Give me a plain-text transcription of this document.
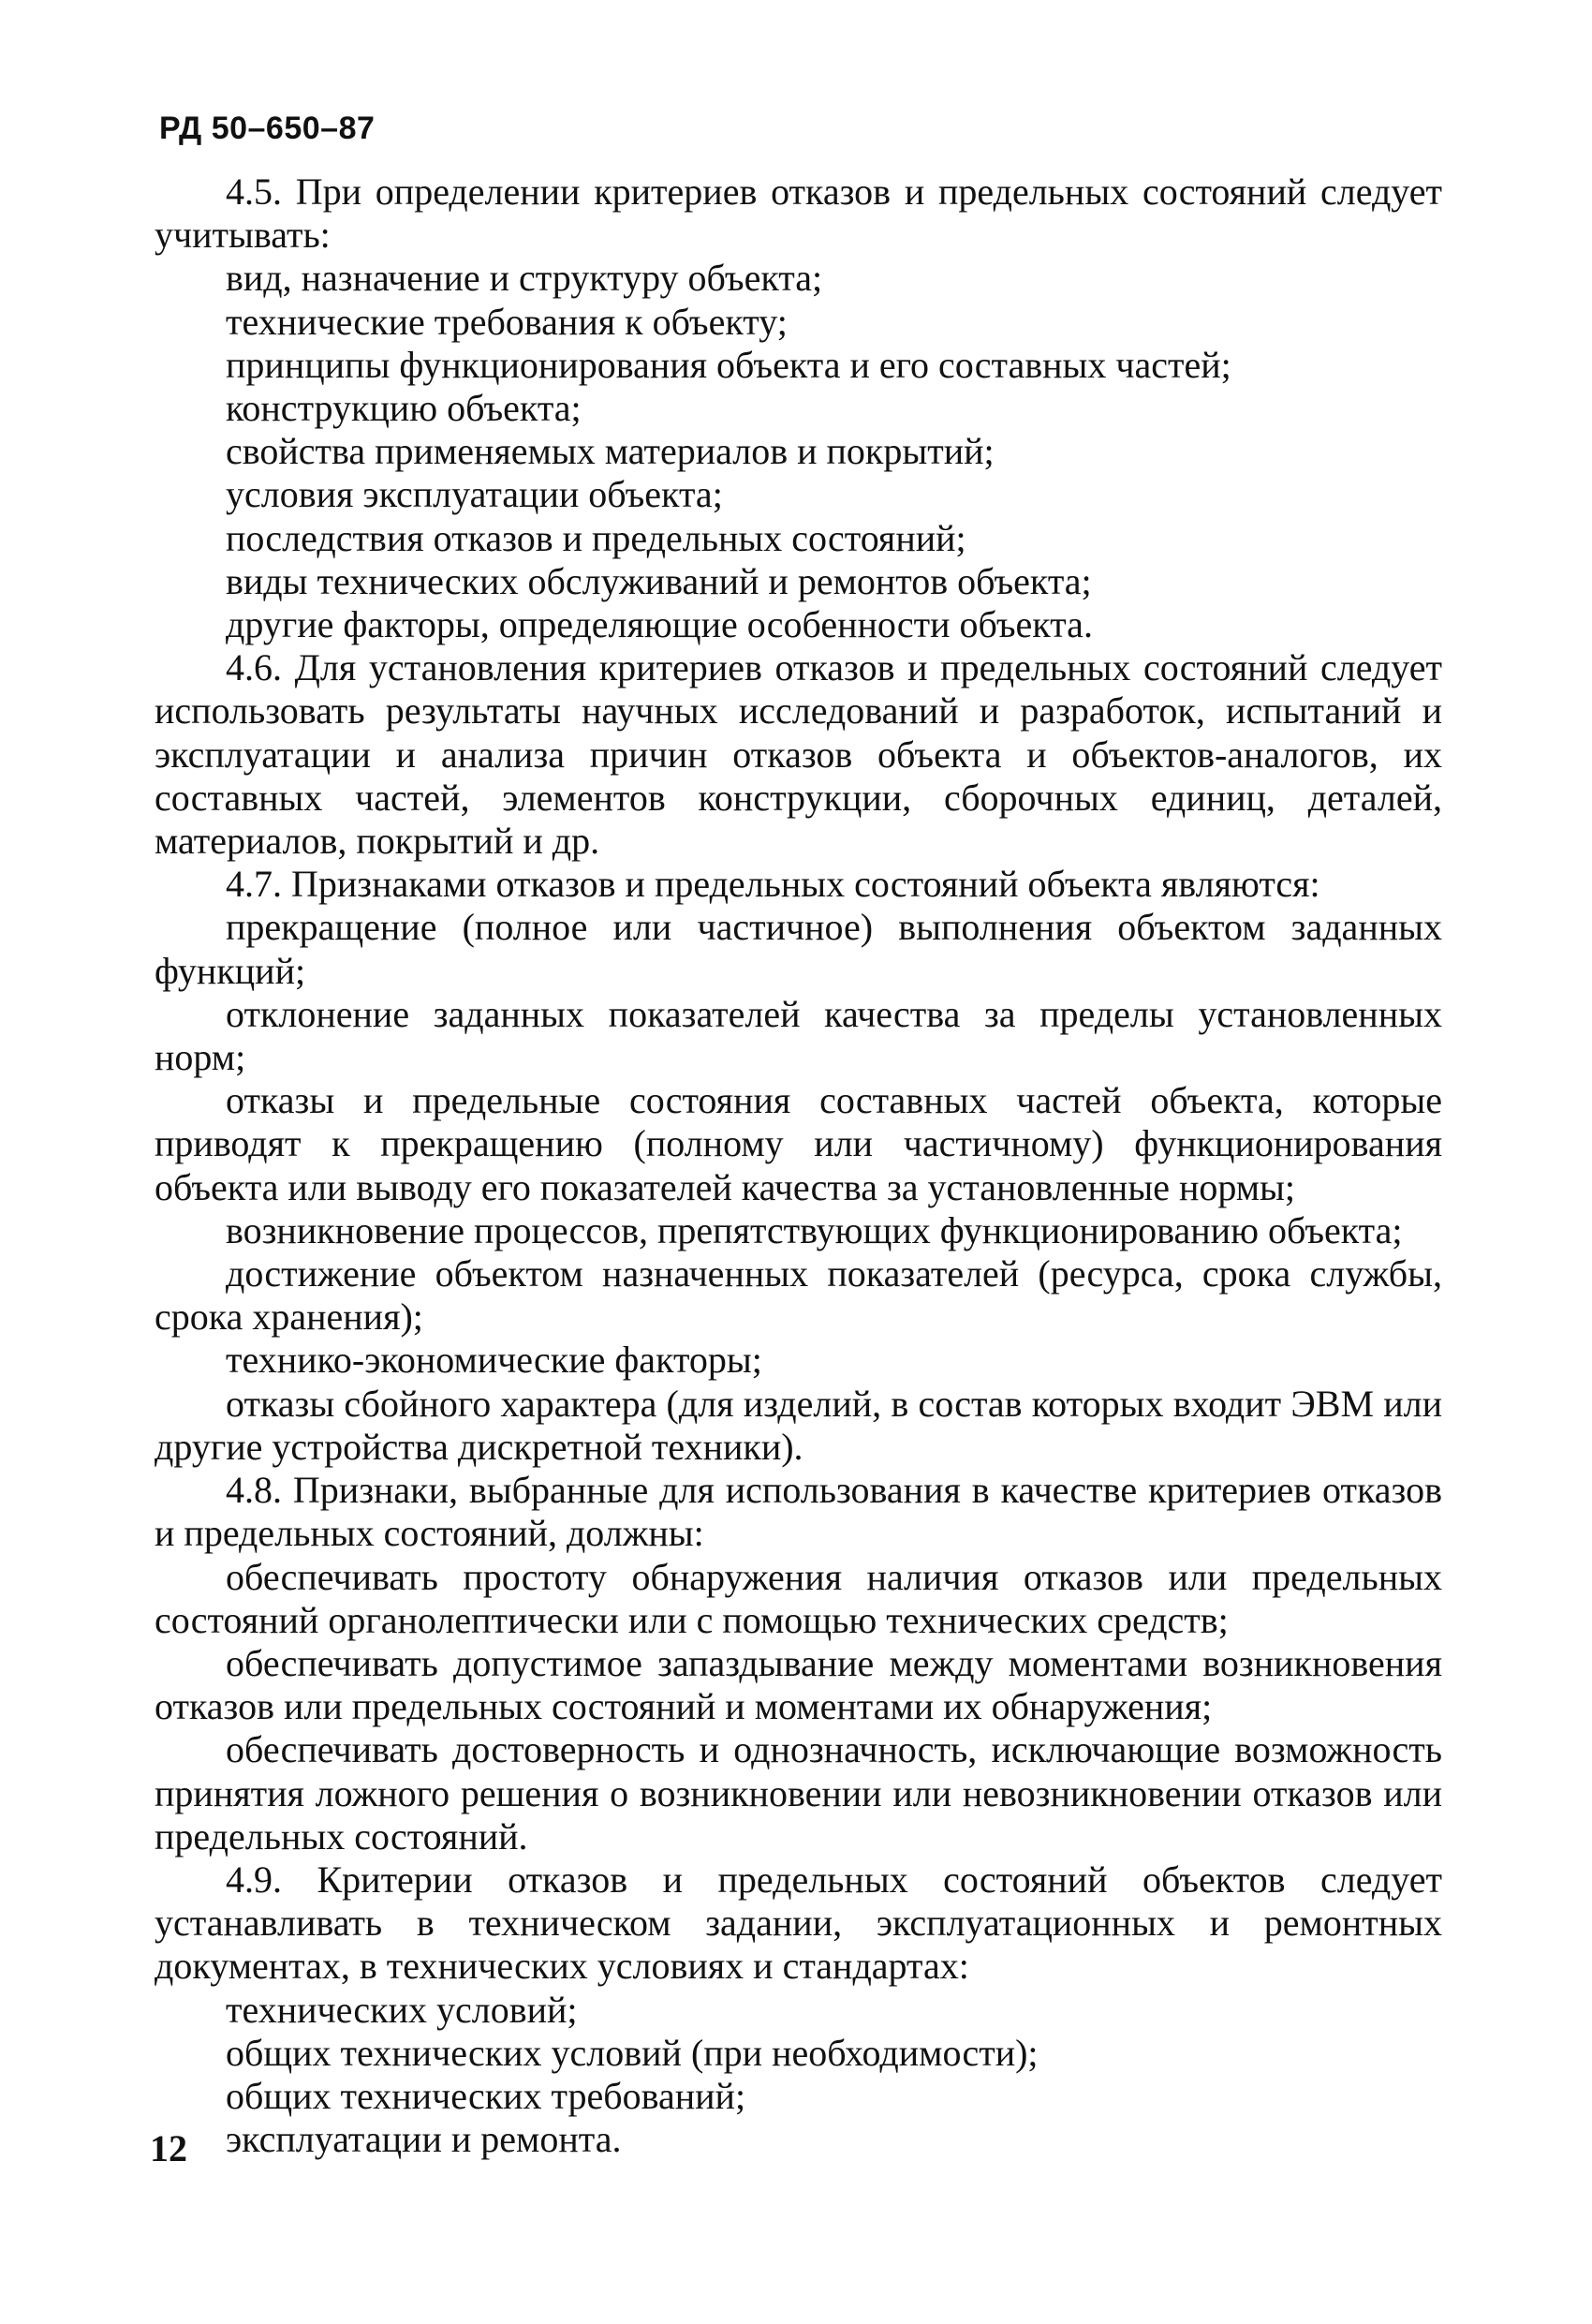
РД 50–650–87

4.5. При определении критериев отказов и предельных состояний следует учитывать:

вид, назначение и структуру объекта;

технические требования к объекту;

принципы функционирования объекта и его составных частей;

конструкцию объекта;

свойства применяемых материалов и покрытий;

условия эксплуатации объекта;

последствия отказов и предельных состояний;

виды технических обслуживаний и ремонтов объекта;

другие факторы, определяющие особенности объекта.

4.6. Для установления критериев отказов и предельных состояний следует использовать результаты научных исследований и разработок, испытаний и эксплуатации и анализа причин отказов объекта и объектов-аналогов, их составных частей, элементов конструкции, сборочных единиц, деталей, материалов, покрытий и др.

4.7. Признаками отказов и предельных состояний объекта являются:

прекращение (полное или частичное) выполнения объектом заданных функций;

отклонение заданных показателей качества за пределы установленных норм;

отказы и предельные состояния составных частей объекта, которые приводят к прекращению (полному или частичному) функционирования объекта или выводу его показателей качества за установленные нормы;

возникновение процессов, препятствующих функционированию объекта;

достижение объектом назначенных показателей (ресурса, срока службы, срока хранения);

технико-экономические факторы;

отказы сбойного характера (для изделий, в состав которых входит ЭВМ или другие устройства дискретной техники).

4.8. Признаки, выбранные для использования в качестве критериев отказов и предельных состояний, должны:

обеспечивать простоту обнаружения наличия отказов или предельных состояний органолептически или с помощью технических средств;

обеспечивать допустимое запаздывание между моментами возникновения отказов или предельных состояний и моментами их обнаружения;

обеспечивать достоверность и однозначность, исключающие возможность принятия ложного решения о возникновении или невозникновении отказов или предельных состояний.

4.9. Критерии отказов и предельных состояний объектов следует устанавливать в техническом задании, эксплуатационных и ремонтных документах, в технических условиях и стандартах:

технических условий;

общих технических условий (при необходимости);

общих технических требований;

эксплуатации и ремонта.

12
